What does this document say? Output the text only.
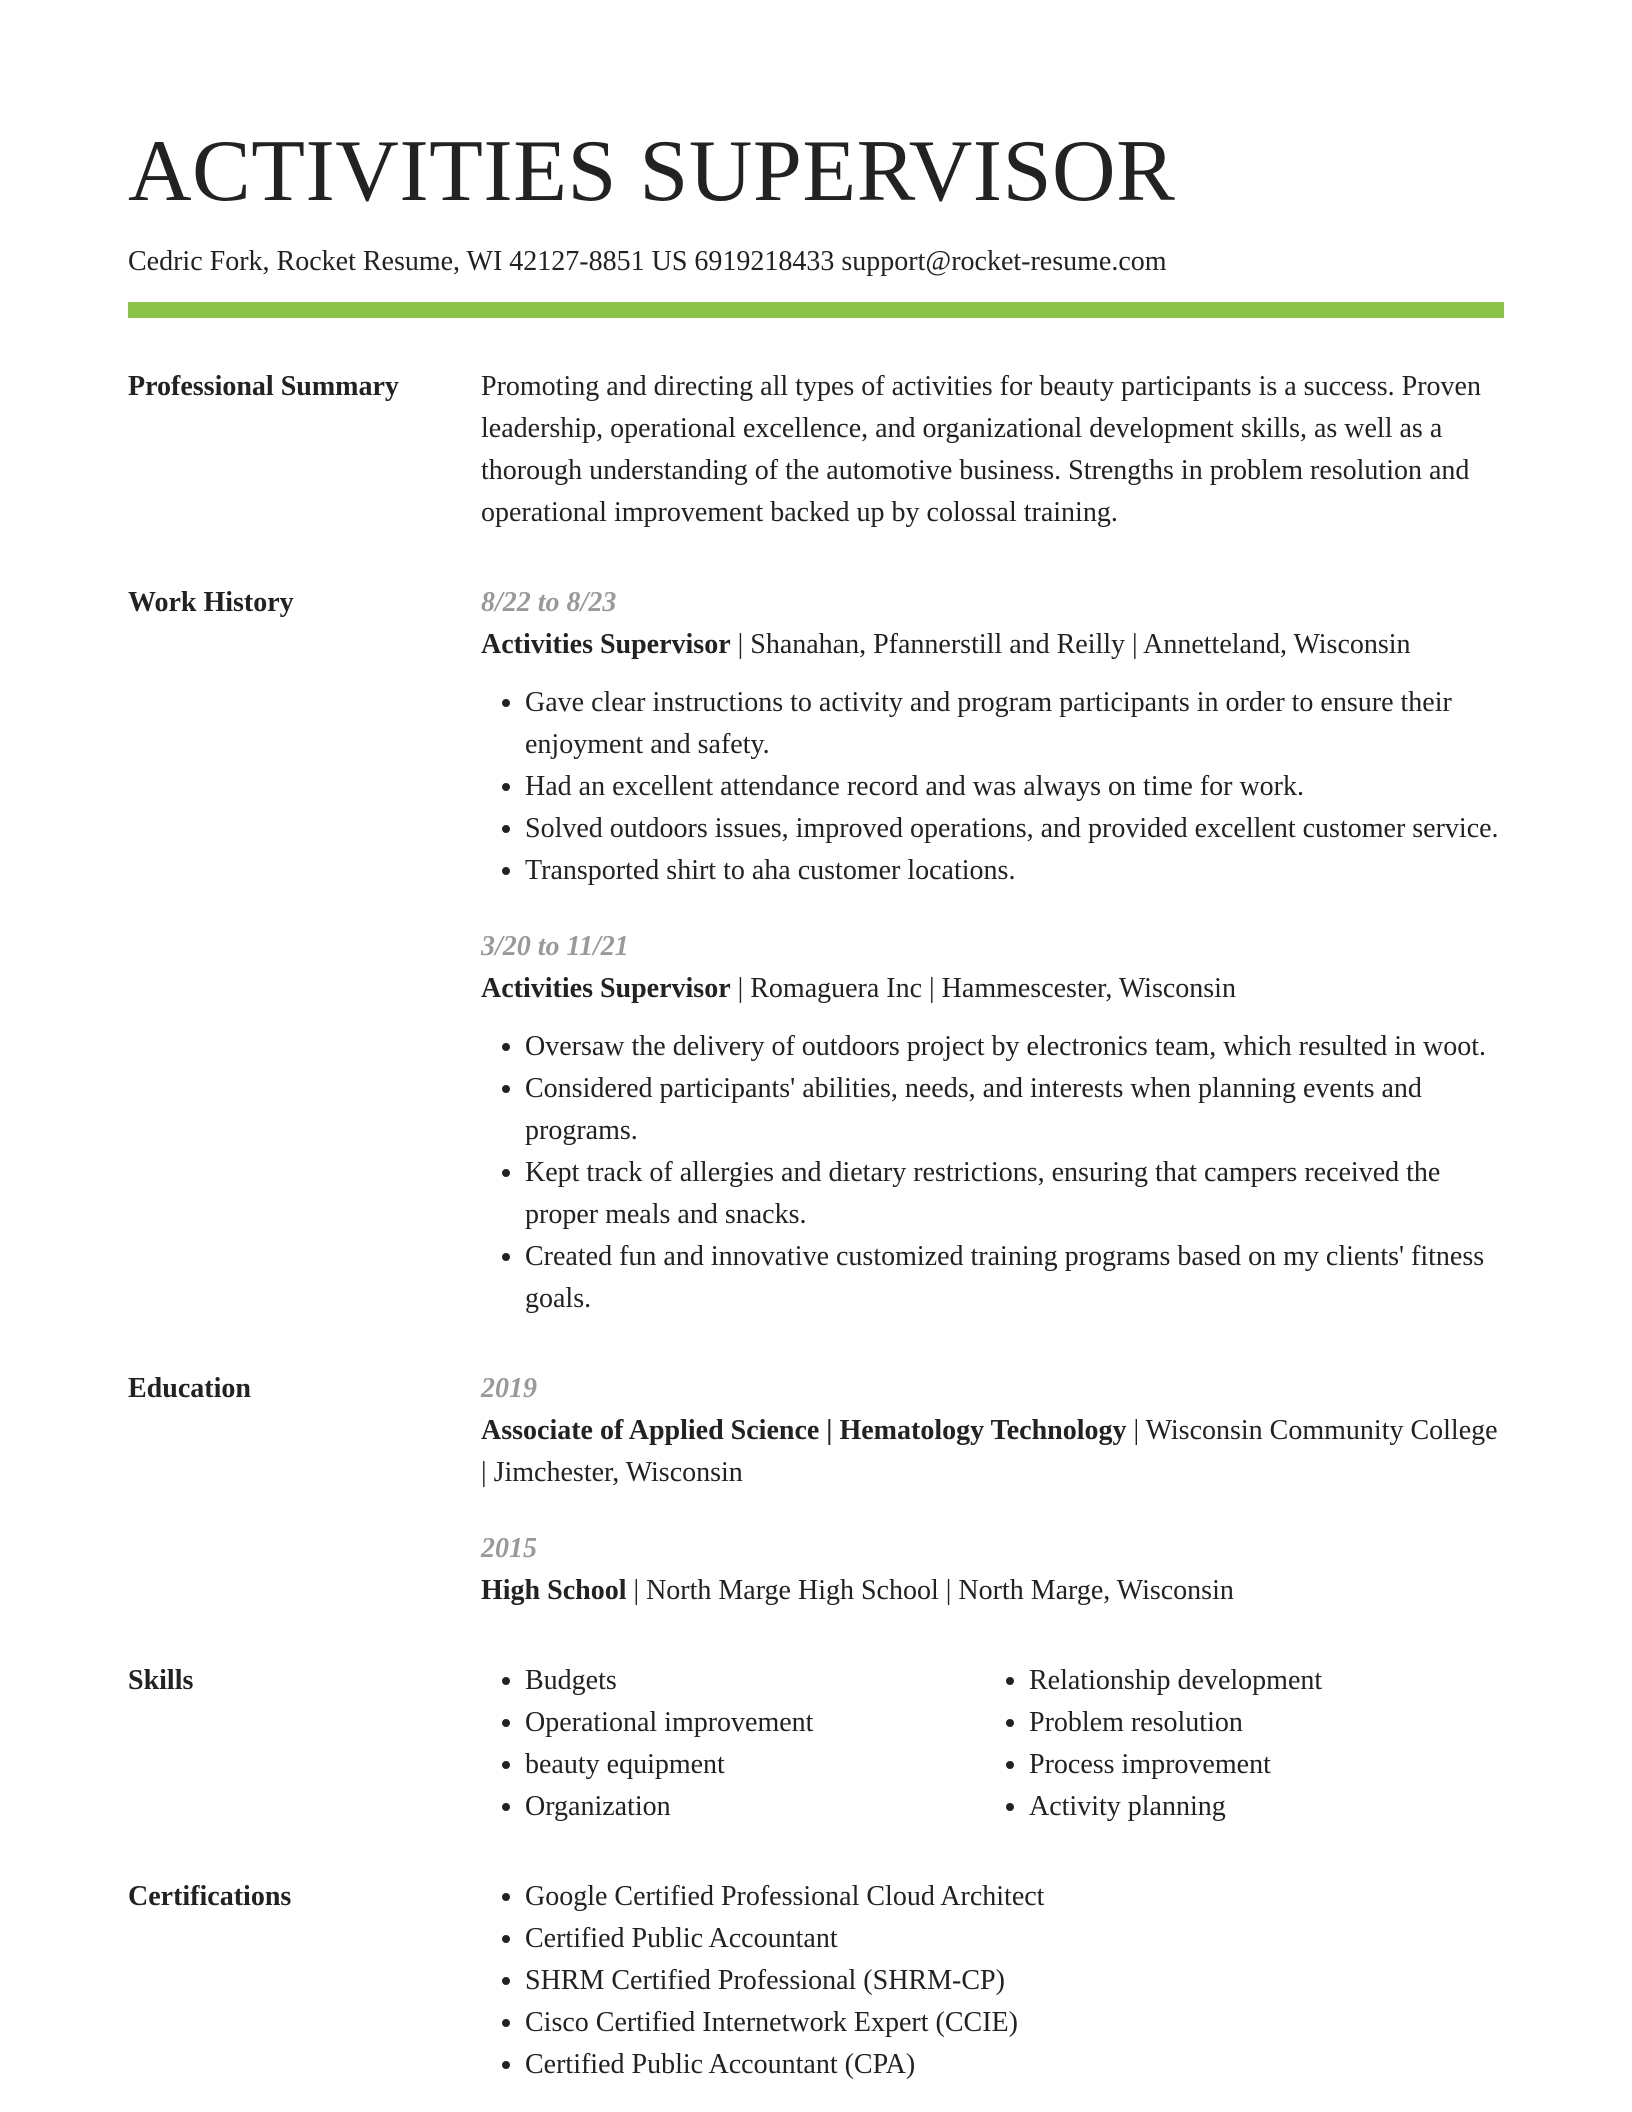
ACTIVITIES SUPERVISOR
Cedric Fork, Rocket Resume, WI 42127-8851 US 6919218433 support@rocket-resume.com
Professional Summary	Promoting and directing all types of activities for beauty participants is a success. Proven leadership, operational excellence, and organizational development skills, as well as a thorough understanding of the automotive business. Strengths in problem resolution and operational improvement backed up by colossal training.

Work History	8/22 to 8/23
Activities Supervisor | Shanahan, Pfannerstill and Reilly | Annetteland, Wisconsin
• Gave clear instructions to activity and program participants in order to ensure their enjoyment and safety.
• Had an excellent attendance record and was always on time for work.
• Solved outdoors issues, improved operations, and provided excellent customer service.
• Transported shirt to aha customer locations.
3/20 to 11/21
Activities Supervisor | Romaguera Inc | Hammescester, Wisconsin
• Oversaw the delivery of outdoors project by electronics team, which resulted in woot.
• Considered participants' abilities, needs, and interests when planning events and programs.
• Kept track of allergies and dietary restrictions, ensuring that campers received the proper meals and snacks.
• Created fun and innovative customized training programs based on my clients' fitness goals.
Education	2019
Associate of Applied Science | Hematology Technology | Wisconsin Community College | Jimchester, Wisconsin
2015
High School | North Marge High School | North Marge, Wisconsin
Skills	• Budgets
• Operational improvement
• beauty equipment
• Organization
• Relationship development
• Problem resolution
• Process improvement
• Activity planning
Certifications	• Google Certified Professional Cloud Architect
• Certified Public Accountant
• SHRM Certified Professional (SHRM-CP)
• Cisco Certified Internetwork Expert (CCIE)
• Certified Public Accountant (CPA)
